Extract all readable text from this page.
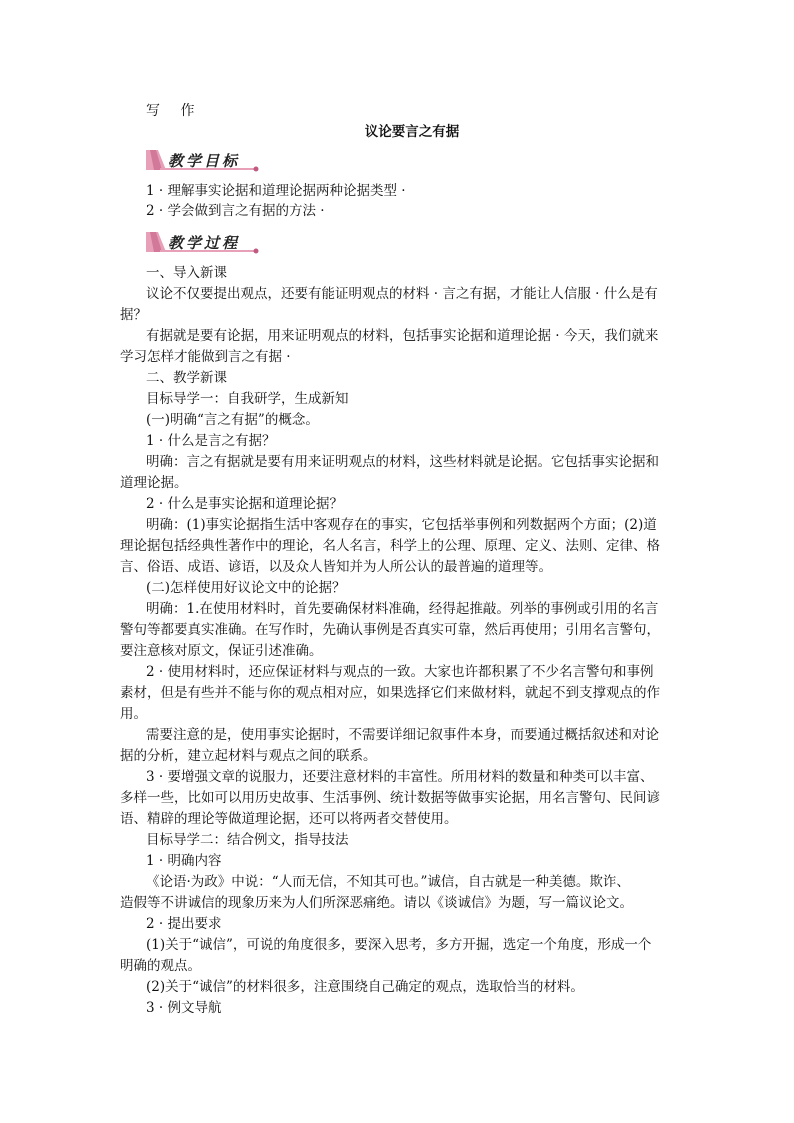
写 作
议论要言之有据
教学目标
1 · 理解事实论据和道理论据两种论据类型 ·
2 · 学会做到言之有据的方法 ·
教学过程
一、导入新课
议论不仅要提出观点，还要有能证明观点的材料 · 言之有据，才能让人信服 · 什么是有
据？
有据就是要有论据，用来证明观点的材料，包括事实论据和道理论据 · 今天，我们就来
学习怎样才能做到言之有据 ·
二、教学新课
目标导学一：自我研学，生成新知
(一)明确“言之有据”的概念。
1 · 什么是言之有据？
明确：言之有据就是要有用来证明观点的材料，这些材料就是论据。它包括事实论据和
道理论据。
2 · 什么是事实论据和道理论据？
明确：(1)事实论据指生活中客观存在的事实，它包括举事例和列数据两个方面；(2)道
理论据包括经典性著作中的理论，名人名言，科学上的公理、原理、定义、法则、定律、格
言、俗语、成语、谚语，以及众人皆知并为人所公认的最普遍的道理等。
(二)怎样使用好议论文中的论据？
明确：1.在使用材料时，首先要确保材料准确，经得起推敲。列举的事例或引用的名言
警句等都要真实准确。在写作时，先确认事例是否真实可靠，然后再使用；引用名言警句，
要注意核对原文，保证引述准确。
2 · 使用材料时，还应保证材料与观点的一致。大家也许都积累了不少名言警句和事例
素材，但是有些并不能与你的观点相对应，如果选择它们来做材料，就起不到支撑观点的作
用。
需要注意的是，使用事实论据时，不需要详细记叙事件本身，而要通过概括叙述和对论
据的分析，建立起材料与观点之间的联系。
3 · 要增强文章的说服力，还要注意材料的丰富性。所用材料的数量和种类可以丰富、
多样一些，比如可以用历史故事、生活事例、统计数据等做事实论据，用名言警句、民间谚
语、精辟的理论等做道理论据，还可以将两者交替使用。
目标导学二：结合例文，指导技法
1 · 明确内容
《论语·为政》中说：“人而无信，不知其可也。”诚信，自古就是一种美德。欺诈、
造假等不讲诚信的现象历来为人们所深恶痛绝。请以《谈诚信》为题，写一篇议论文。
2 · 提出要求
(1)关于“诚信”，可说的角度很多，要深入思考，多方开掘，选定一个角度，形成一个
明确的观点。
(2)关于“诚信”的材料很多，注意围绕自己确定的观点，选取恰当的材料。
3 · 例文导航
